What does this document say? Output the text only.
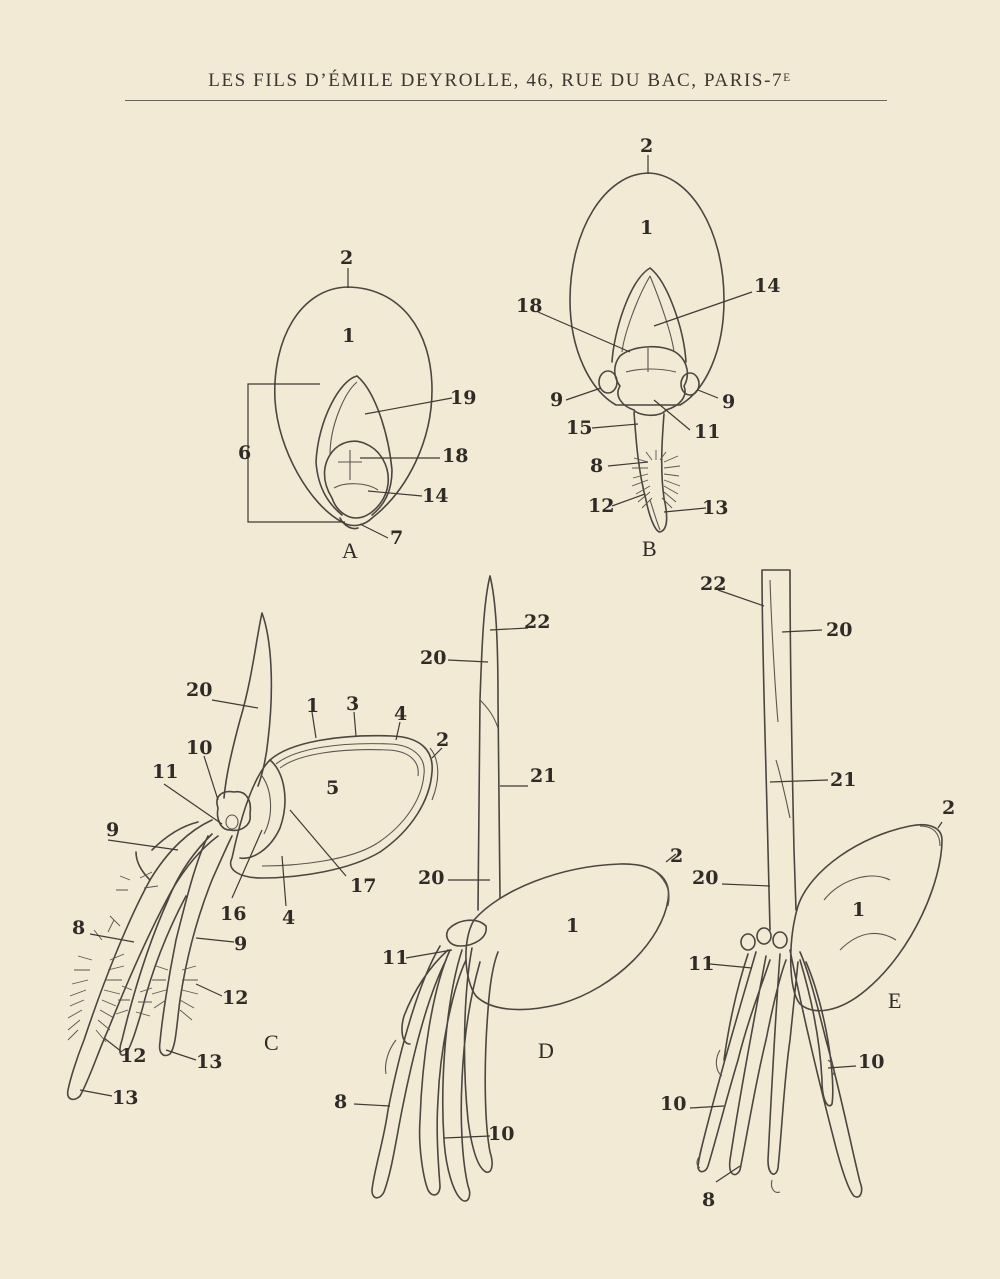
LES FILS D’ÉMILE DEYROLLE, 46, RUE DU BAC, PARIS-7ᴱ
2
1
19
18
14
6
7
A
2
1
14
18
9	9
11
15
8
12	13
B
20
10
11
9
1 3 4
2
5
17
16 4
8
9
12
12	13
13
C
22
20
21
20
2
1
11
10
8
D
22
20
21
20
2
1
11
10
10
8
E
